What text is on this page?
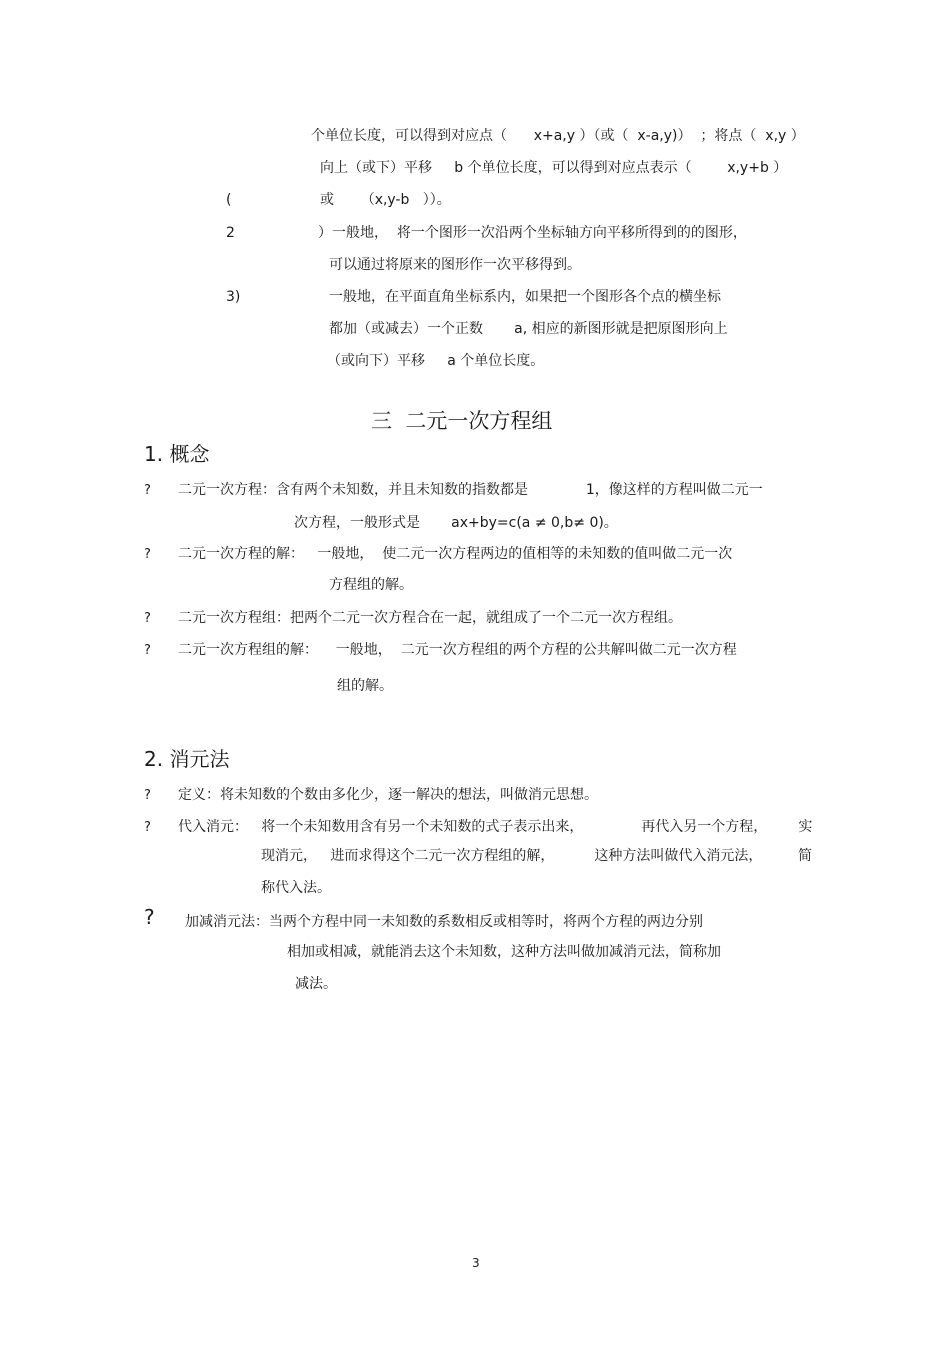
个单位长度，可以得到对应点（      x+a,y ）（或（  x-a,y)）  ；将点（  x,y ）
向上（或下）平移     b 个单位长度，可以得到对应点表示（        x,y+b ）
(	或      （x,y-b   ））。
2	）一般地，  将一个图形一次沿两个坐标轴方向平移所得到的的图形，
可以通过将原来的图形作一次平移得到。
3)	一般地，在平面直角坐标系内，如果把一个图形各个点的横坐标
都加（或减去）一个正数       a, 相应的新图形就是把原图形向上
（或向下）平移     a 个单位长度。
三  二元一次方程组
1. 概念
? 二元一次方程：含有两个未知数，并且未知数的指数都是             1，像这样的方程叫做二元一
次方程，一般形式是       ax+by=c(a ≠ 0,b≠ 0)。
? 二元一次方程的解：   一般地，  使二元一次方程两边的值相等的未知数的值叫做二元一次
方程组的解。
? 二元一次方程组：把两个二元一次方程合在一起，就组成了一个二元一次方程组。
? 二元一次方程组的解：    一般地，  二元一次方程组的两个方程的公共解叫做二元一次方程
组的解。
2. 消元法
? 定义：将未知数的个数由多化少，逐一解决的想法，叫做消元思想。
? 代入消元：   将一个未知数用含有另一个未知数的式子表示出来，             再代入另一个方程，       实
现消元，   进而求得这个二元一次方程组的解，         这种方法叫做代入消元法，        简
称代入法。
? 加减消元法：当两个方程中同一未知数的系数相反或相等时，将两个方程的两边分别
相加或相减，就能消去这个未知数，这种方法叫做加减消元法，简称加
减法。
3
